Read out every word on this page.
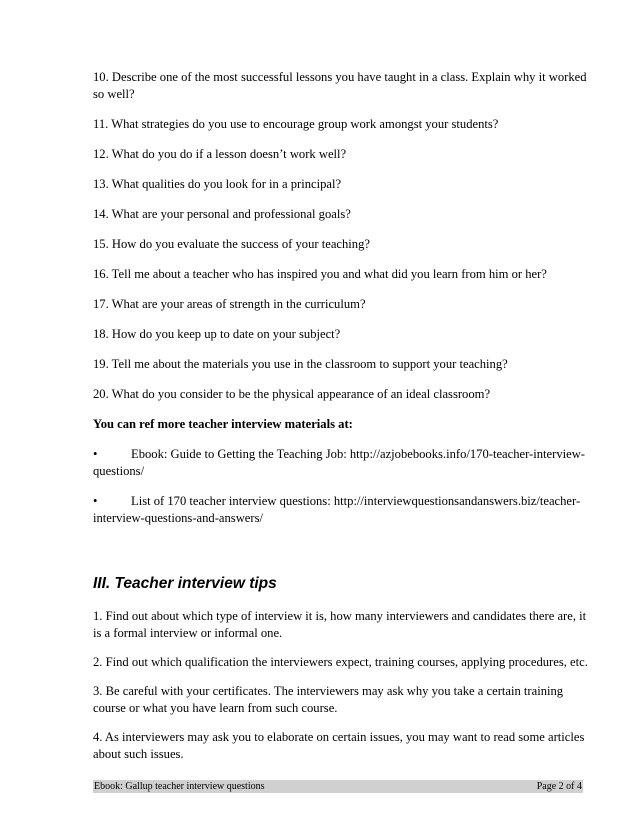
10. Describe one of the most successful lessons you have taught in a class. Explain why it worked so well?

11. What strategies do you use to encourage group work amongst your students?

12. What do you do if a lesson doesn’t work well?

13. What qualities do you look for in a principal?

14. What are your personal and professional goals?

15. How do you evaluate the success of your teaching?

16. Tell me about a teacher who has inspired you and what did you learn from him or her?

17. What are your areas of strength in the curriculum?

18. How do you keep up to date on your subject?

19. Tell me about the materials you use in the classroom to support your teaching?

20. What do you consider to be the physical appearance of an ideal classroom?

You can ref more teacher interview materials at:

•	Ebook: Guide to Getting the Teaching Job: http://azjobebooks.info/170-teacher-interview-questions/

•	List of 170 teacher interview questions: http://interviewquestionsandanswers.biz/teacher-interview-questions-and-answers/

III. Teacher interview tips

1. Find out about which type of interview it is, how many interviewers and candidates there are, it is a formal interview or informal one.

2. Find out which qualification the interviewers expect, training courses, applying procedures, etc.

3. Be careful with your certificates. The interviewers may ask why you take a certain training course or what you have learn from such course.

4. As interviewers may ask you to elaborate on certain issues, you may want to read some articles about such issues.

Ebook: Gallup teacher interview questions	Page 2 of 4
